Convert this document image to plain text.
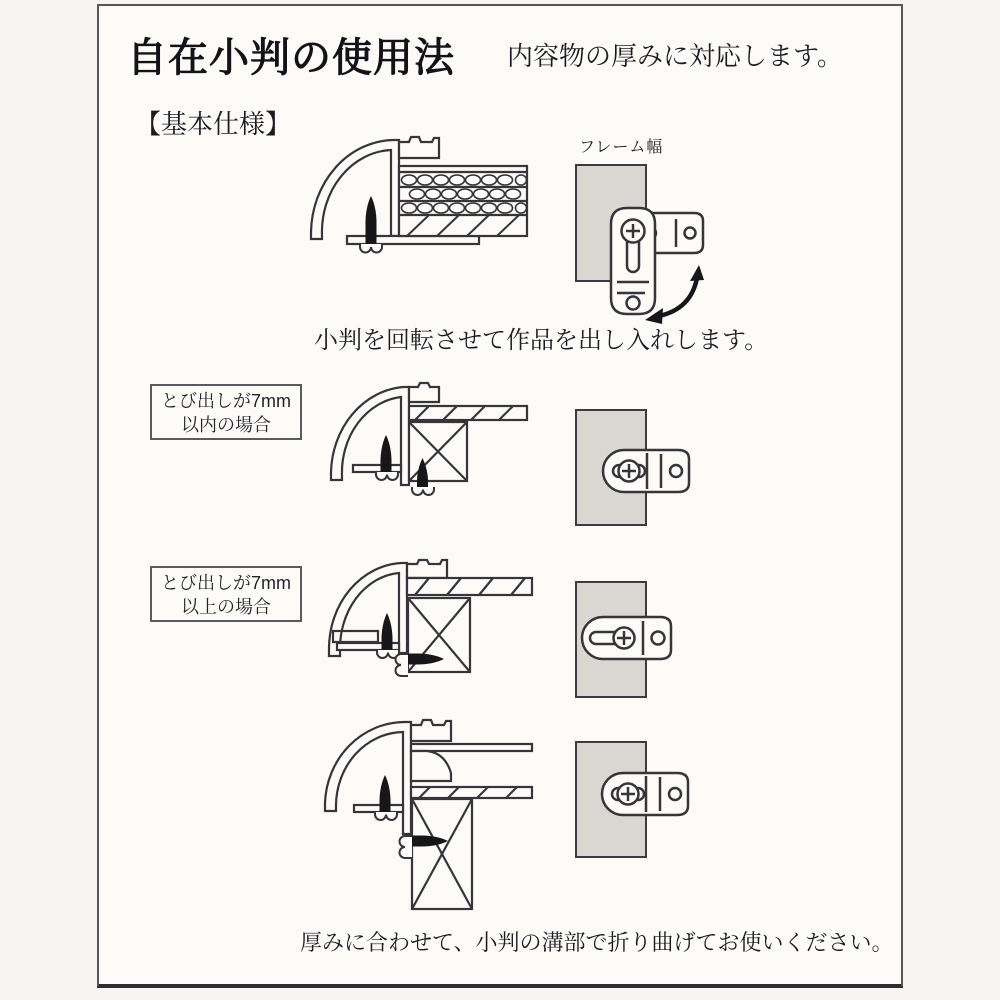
自在小判の使用法 内容物の厚みに対応します。
【基本仕様】
フレーム幅
小判を回転させて作品を出し入れします。
とび出しが7mm
以内の場合
とび出しが7mm
以上の場合
厚みに合わせて、小判の溝部で折り曲げてお使いください。
